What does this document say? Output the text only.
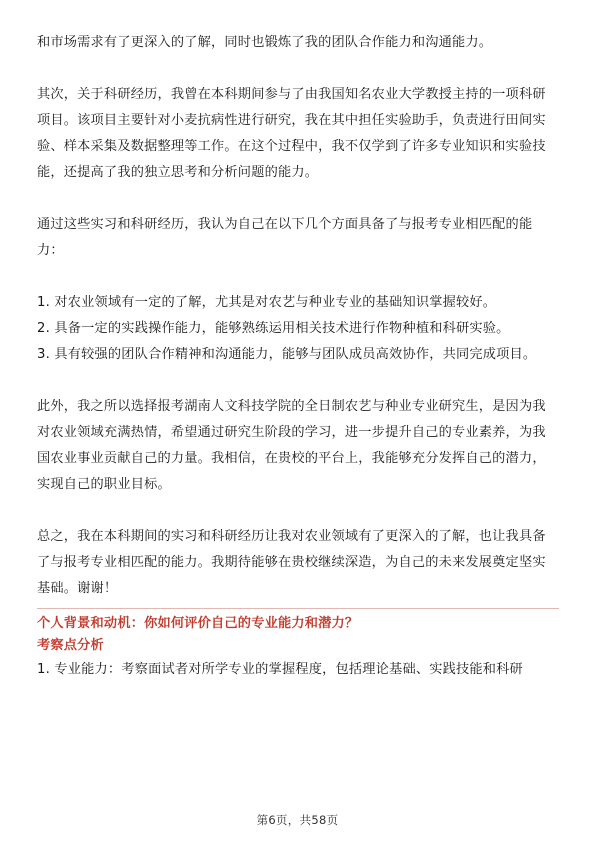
和市场需求有了更深入的了解，同时也锻炼了我的团队合作能力和沟通能力。

其次，关于科研经历，我曾在本科期间参与了由我国知名农业大学教授主持的一项科研项目。该项目主要针对小麦抗病性进行研究，我在其中担任实验助手，负责进行田间实验、样本采集及数据整理等工作。在这个过程中，我不仅学到了许多专业知识和实验技能，还提高了我的独立思考和分析问题的能力。

通过这些实习和科研经历，我认为自己在以下几个方面具备了与报考专业相匹配的能力：

1. 对农业领域有一定的了解，尤其是对农艺与种业专业的基础知识掌握较好。

2. 具备一定的实践操作能力，能够熟练运用相关技术进行作物种植和科研实验。

3. 具有较强的团队合作精神和沟通能力，能够与团队成员高效协作，共同完成项目。

此外，我之所以选择报考湖南人文科技学院的全日制农艺与种业专业研究生，是因为我对农业领域充满热情，希望通过研究生阶段的学习，进一步提升自己的专业素养，为我国农业事业贡献自己的力量。我相信，在贵校的平台上，我能够充分发挥自己的潜力，实现自己的职业目标。

总之，我在本科期间的实习和科研经历让我对农业领域有了更深入的了解，也让我具备了与报考专业相匹配的能力。我期待能够在贵校继续深造，为自己的未来发展奠定坚实基础。谢谢！

个人背景和动机：你如何评价自己的专业能力和潜力？

考察点分析

1. 专业能力：考察面试者对所学专业的掌握程度，包括理论基础、实践技能和科研

第6页，共58页
